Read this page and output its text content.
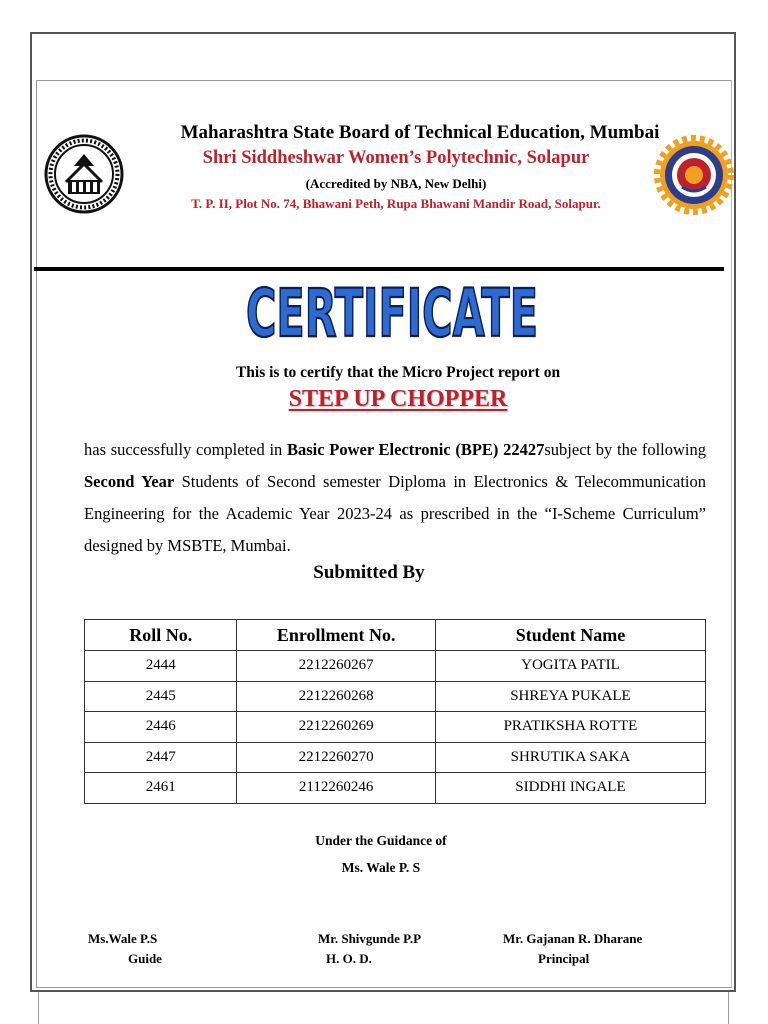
Maharashtra State Board of Technical Education, Mumbai
Shri Siddheshwar Women’s Polytechnic, Solapur
(Accredited by NBA, New Delhi)
T. P. II, Plot No. 74, Bhawani Peth, Rupa Bhawani Mandir Road, Solapur.
CERTIFICATE
This is to certify that the Micro Project report on
STEP UP CHOPPER
has successfully completed in Basic Power Electronic (BPE) 22427subject by the following Second Year Students of Second semester Diploma in Electronics & Telecommunication Engineering for the Academic Year 2023-24 as prescribed in the “I-Scheme Curriculum” designed by MSBTE, Mumbai.
Submitted By
Roll No.	Enrollment No.	Student Name
2444	2212260267	YOGITA PATIL
2445	2212260268	SHREYA PUKALE
2446	2212260269	PRATIKSHA ROTTE
2447	2212260270	SHRUTIKA SAKA
2461	2112260246	SIDDHI INGALE
Under the Guidance of
Ms. Wale P. S
Ms.Wale P.S
Guide
Mr. Shivgunde P.P
H. O. D.
Mr. Gajanan R. Dharane
Principal
